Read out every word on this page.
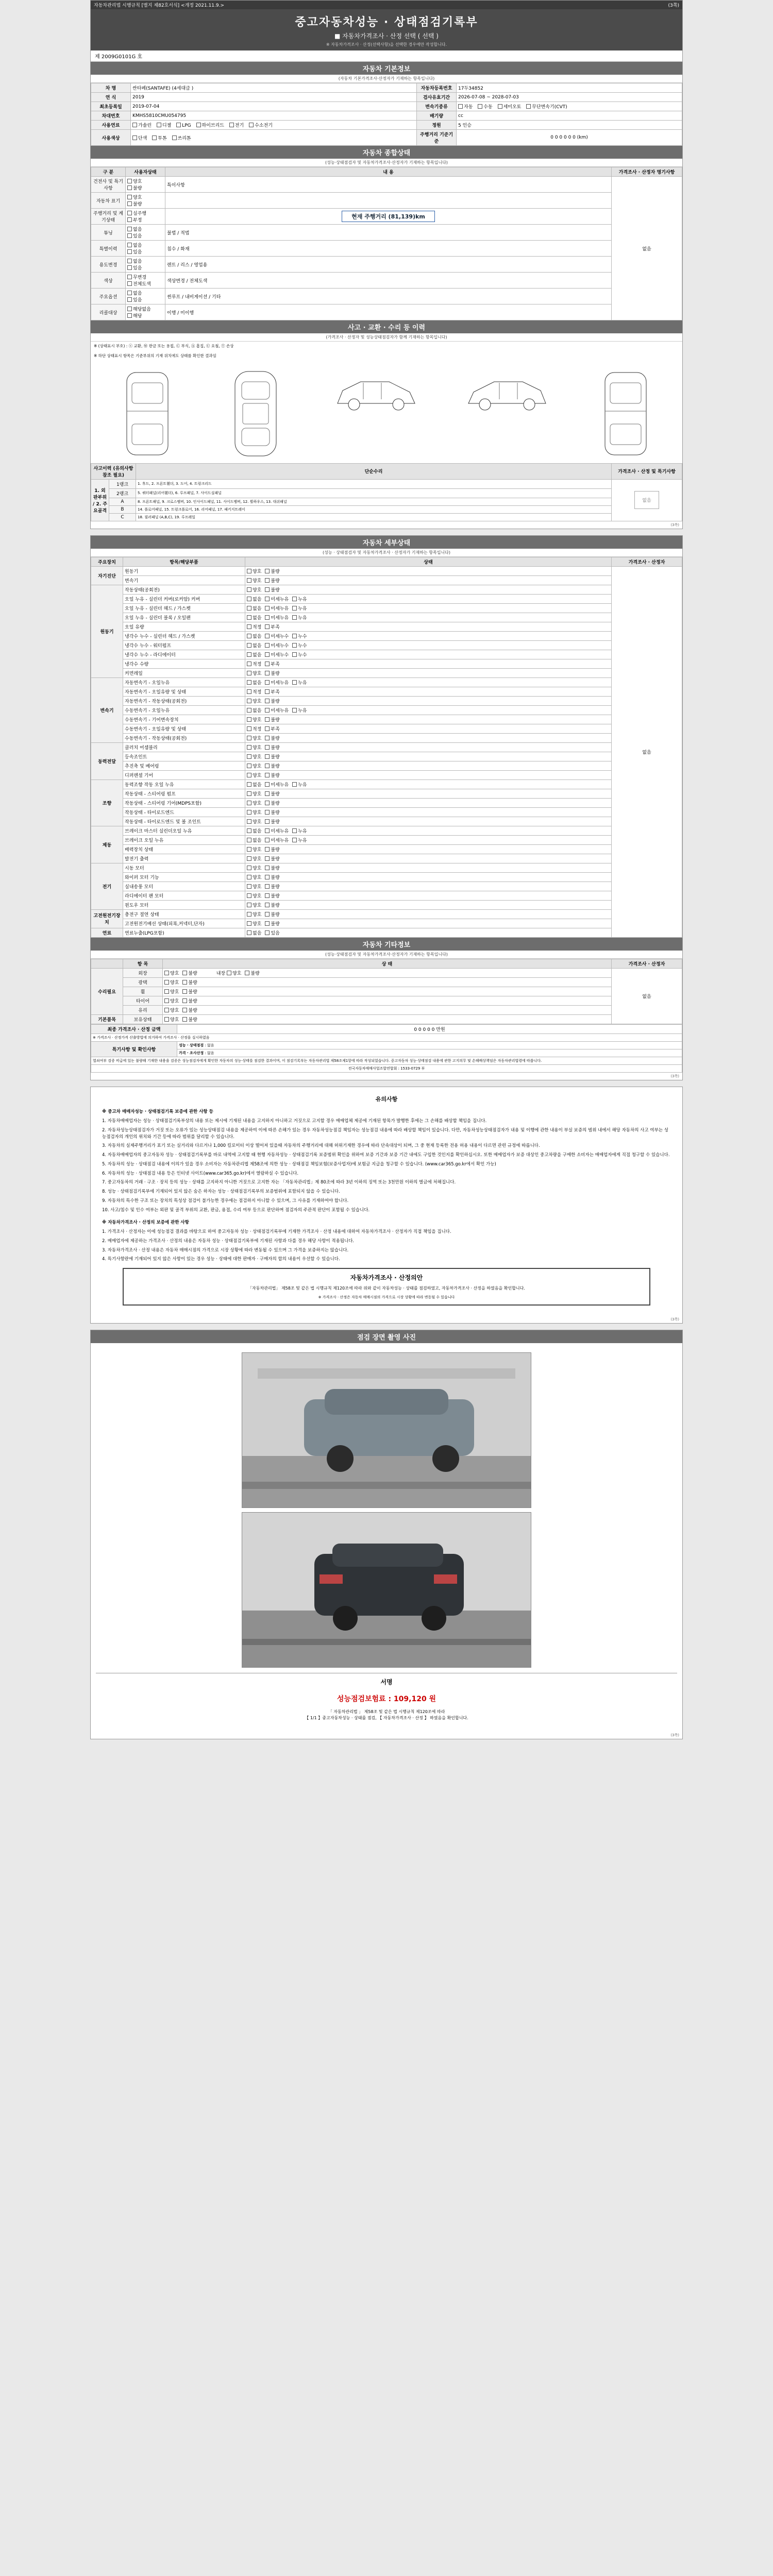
자동차관리법 시행규칙 [별지 제82호서식] <개정 2021.11.9.>	(3쪽)
중고자동차성능 · 상태점검기록부
■ 자동차가격조사 · 산정 선택 ( 선택 )
※ 자동차가격조사 · 산정(선택사항)을 선택한 경우에만 작성합니다.
제 2009G0101G 호
자동차 기본정보
(자동차 기본가격조사·산정자가 기재하는 항목입니다)
차 명	싼타페(SANTAFE) (4세대급 )	자동차등록번호	17두34852
연 식	2019	검사유효기간	2026-07-08 ~ 2028-07-03
최초등록일	2019-07-04	변속기종류	자동 수동 세미오토 무단변속기(CVT)
차대번호	KMHS5810CMU054795	배기량	cc
사용연료	가솔린 디젤 LPG 하이브리드 전기 수소전기	정원	5 인승
사용색상	단색 투톤 쓰리톤	주행거리 기준기준	0 0 0 0 0 0 (km)
자동차 종합상태
(성능·상태점검자 및 자동차가격조사·산정자가 기재하는 항목입니다)
구 분	사용자상태	내 용	가격조사 · 산정자 명기사항
건전사 및 특기사항	양호 불량	특이사항	없음
자동차 표기	양호 불량		
주행거리 및 계기상태	실주행 부정	현재 주행거리 (81,139)km	
튜닝	없음 있음	불법 / 적법	
특별이력	없음 있음	침수 / 화재	
용도변경	없음 있음	렌트 / 리스 / 영업용	
색상	무변경 전체도색	색상변경 / 전체도색	
주요옵션	없음 있음	썬루프 / 내비게이션 / 기타	
리콜대상	해당없음 해당	이행 / 미이행	
사고 · 교환 · 수리 등 이력
(가격조사 · 산정자 및 성능상태점검자가 함께 기재하는 항목입니다)
※ (상태표시 부호) : ⓧ 교환, Ⓦ 판금 또는 용접, Ⓒ 부식, Ⓐ 흠집, Ⓤ 요철, Ⓣ 손상
※ 하단 상태표시 항목은 기준부위의 기재 위치에도 상태를 확인한 결과임
사고이력 (유의사항 참조 필요)		단순수리	가격조사 · 산정 및 특기사항
1. 외판부위 / 2. 주요골격	1랭크	1. 후드, 2. 프론트휀더, 3. 도어, 4. 트렁크리드	없음
	2랭크	5. 쿼터패널(리어휀더), 6. 루프패널, 7. 사이드실패널	
	A	8. 프론트패널, 9. 크로스멤버, 10. 인사이드패널, 11. 사이드멤버, 12. 휠하우스, 13. 대쉬패널	
	B	14. 플로어패널, 15. 트렁크플로어, 16. 리어패널, 17. 패키지트레이	
	C	18. 필러패널 (A,B,C), 19. 루프레일	
(3쪽)
자동차 세부상태
(성능 · 상태점검자 및 자동차가격조사 · 산정자가 기재하는 항목입니다)
주요장치	항목/해당부품	상태	가격조사 · 산정자
자기진단	원동기	양호 불량	없음
	변속기	양호 불량	
원동기	작동상태(공회전)	양호 불량	
	오일 누유 - 실린더 커버(로커암) 커버	없음 미세누유 누유	
	오일 누유 - 실린더 헤드 / 가스켓	없음 미세누유 누유	
	오일 누유 - 실린더 블록 / 오일팬	없음 미세누유 누유	
	오일 유량	적정 부족	
	냉각수 누수 - 실린더 헤드 / 가스켓	없음 미세누수 누수	
	냉각수 누수 - 워터펌프	없음 미세누수 누수	
	냉각수 누수 - 라디에이터	없음 미세누수 누수	
	냉각수 수량	적정 부족	
	커먼레일	양호 불량	
변속기	자동변속기 - 오일누유	없음 미세누유 누유	
	자동변속기 - 오일유량 및 상태	적정 부족	
	자동변속기 - 작동상태(공회전)	양호 불량	
	수동변속기 - 오일누유	없음 미세누유 누유	
	수동변속기 - 기어변속장치	양호 불량	
	수동변속기 - 오일유량 및 상태	적정 부족	
	수동변속기 - 작동상태(공회전)	양호 불량	
동력전달	클러치 어셈블리	양호 불량	
	등속조인트	양호 불량	
	추진축 및 베어링	양호 불량	
	디퍼렌셜 기어	양호 불량	
조향	동력조향 작동 오일 누유	없음 미세누유 누유	
	작동상태 - 스티어링 펌프	양호 불량	
	작동상태 - 스티어링 기어(MDPS포함)	양호 불량	
	작동상태 - 타이로드엔드	양호 불량	
	작동상태 - 타이로드엔드 및 볼 조인트	양호 불량	
제동	브레이크 마스터 실린더오일 누유	없음 미세누유 누유	
	브레이크 오일 누유	없음 미세누유 누유	
	배력장치 상태	양호 불량	
	발전기 출력	양호 불량	
전기	시동 모터	양호 불량	
	와이퍼 모터 기능	양호 불량	
	실내송풍 모터	양호 불량	
	라디에이터 팬 모터	양호 불량	
	윈도우 모터	양호 불량	
고전원전기장치	충전구 절연 상태	양호 불량	
	고전원전기배선 상태(피복,커넥터,단자)	양호 불량	
연료	연료누출(LPG포함)	없음 있음	
자동차 기타정보
(성능·상태점검자 및 자동차가격조사·산정자가 기재하는 항목입니다)
	항 목	상 태	가격조사 · 산정자
수리필요	외장	양호 불량 내장 양호 불량	없음
	광택	양호 불량	
	휠	양호 불량	
	타이어	양호 불량	
	유리	양호 불량	
기본품목	보유상태	양호 불량	
최종 가격조사 · 산정 금액	0 0 0 0 0 만원
※ 가격조사 · 산정가격 산출방법에 의거하여 가격조사 · 산정을 실시하였음	
특기사항 및 확인사항	성능 · 상태점검 : 없음
	가격 · 조사산정 : 없음
열쇠여부 검증 비급에 있는 불량해 기재한 내용을 검증은 성능점검자에게 확인한 자동차의 성능·상태를 점검한 결과이며, 이 점검기록부는 자동차관리법 제58조제1항에 따라 작성되었습니다. 중고자동차 성능·상태점검 내용에 관한 고지의무 및 손해배상책임은 자동차관리법령에 따릅니다.	
전국자동차매매사업조합연합회 : 1533-0729 부	
(3쪽)
유의사항

※ 중고차 매매자성능 · 상태점검기록 보증에 관한 사항 등

1. 자동차매매업자는 성능 · 상태점검기록부상의 내용 또는 제시에 기재된 내용을 고지하지 아니하고 거짓으로 고지할 경우 매매업체 제공에 기재된 항목가 발행한 후에는 그 손해를 배상할 책임을 집니다.

2. 자동차성능상태점검자가 거짓 또는 오류가 있는 성능상태점검 내용을 제공하여 이에 따른 손해가 있는 경우 자동차성능점검 책임자는 성능점검 내용에 따라 배상할 책임이 있습니다. 다만, 자동차성능상태점검자가 내용 및 이행에 관한 내용이 부실 보증의 범위 내에서 해당 자동차의 사고 여부는 성능점검자의 개인의 위치와 기간 등에 따라 범위를 달리할 수 있습니다.

3. 자동차의 실제주행거리가 표기 또는 실거리와 다르거나 1,000 킬로미터 이상 떨어져 있을때 자동차의 주행거리에 대해 허위기재한 경우에 따라 단속대상이 되며, 그 중 현재 등록한 전용 허용 내용이 다르면 관련 규정에 따릅니다.

4. 자동차매매업자의 중고자동차 성능 · 상태점검기록부를 바로 내역에 고지할 때 현행 자동차성능 · 상태점검기록 보증범위 확인을 위하여 보증 기간과 보증 기간 내에도 구입한 것인지를 확인하십시오. 또한 매매업자가 보증 대상인 중고차량을 구매한 소비자는 매매업자에게 직접 청구할 수 있습니다.

5. 자동차의 성능 · 상태점검 내용에 이의가 있을 경우 소비자는 자동차관리법 제58조에 의한 성능 · 상태점검 책임보험(보증사업자)에 보험금 지급을 청구할 수 있습니다. (www.car365.go.kr에서 확인 가능)

6. 자동차의 성능 · 상태점검 내용 등은 인터넷 사이트(www.car365.go.kr)에서 열람하실 수 있습니다.

7. 중고자동차의 거래 · 구조 · 장치 등의 성능 · 상태를 고지하지 아니한 거짓으로 고지한 자는 「자동차관리법」제 80조에 따라 3년 이하의 징역 또는 3천만원 이하의 벌금에 처해집니다.

8. 성능 · 상태점검기록부에 기재되어 있지 않은 숨은 하자는 성능 · 상태점검기록부의 보증범위에 포함되지 않을 수 있습니다.

9. 자동차의 특수한 구조 또는 장치의 특성상 점검이 불가능한 경우에는 점검하지 아니할 수 있으며, 그 사유를 기재하여야 합니다.

10. 사고/침수 및 인수 여부는 외판 및 골격 부위의 교환, 판금, 용접, 수리 여부 등으로 판단하며 점검자의 주관적 판단이 포함될 수 있습니다.

※ 자동차가격조사 · 산정의 보증에 관한 사항

1. 가격조사 · 산정자는 이에 성능점검 결과를 바탕으로 하여 중고자동차 성능 · 상태점검기록부에 기재한 가격조사 · 산정 내용에 대하여 자동차가격조사 · 산정자가 직접 책임을 집니다.

2. 매매업자에 제공하는 가격조사 · 산정의 내용은 자동차 성능 · 상태점검기록부에 기재된 사항과 다를 경우 해당 사항이 적용됩니다.

3. 자동차가격조사 · 산정 내용은 자동차 매매시점의 가격으로 시장 상황에 따라 변동될 수 있으며 그 가격을 보증하지는 않습니다.

4. 특기사항란에 기재되어 있지 않은 사항이 있는 경우 성능 · 상태에 대한 판매자 · 구매자의 합의 내용이 우선할 수 있습니다.

자동차가격조사 · 산정의안
「자동차관리법」 제58조 및 같은 법 시행규칙 제120조에 따라 위와 같이 자동차성능 · 상태를 점검하였고, 자동차가격조사 · 산정을 하였음을 확인합니다.
※ 가격조사 · 산정은 자동차 매매시점의 가격으로 시장 상황에 따라 변동될 수 있습니다
(3쪽)
점검 장면 촬영 사진
서명
성능점검보험료 : 109,120 원
「 자동차관리법 」 제58조 및 같은 법 시행규칙 제120조에 따라
【 1/1 】중고자동차성능 · 상태를 점검, 【 자동차가격조사 · 산정 】 하였음을 확인합니다.
(3쪽)
